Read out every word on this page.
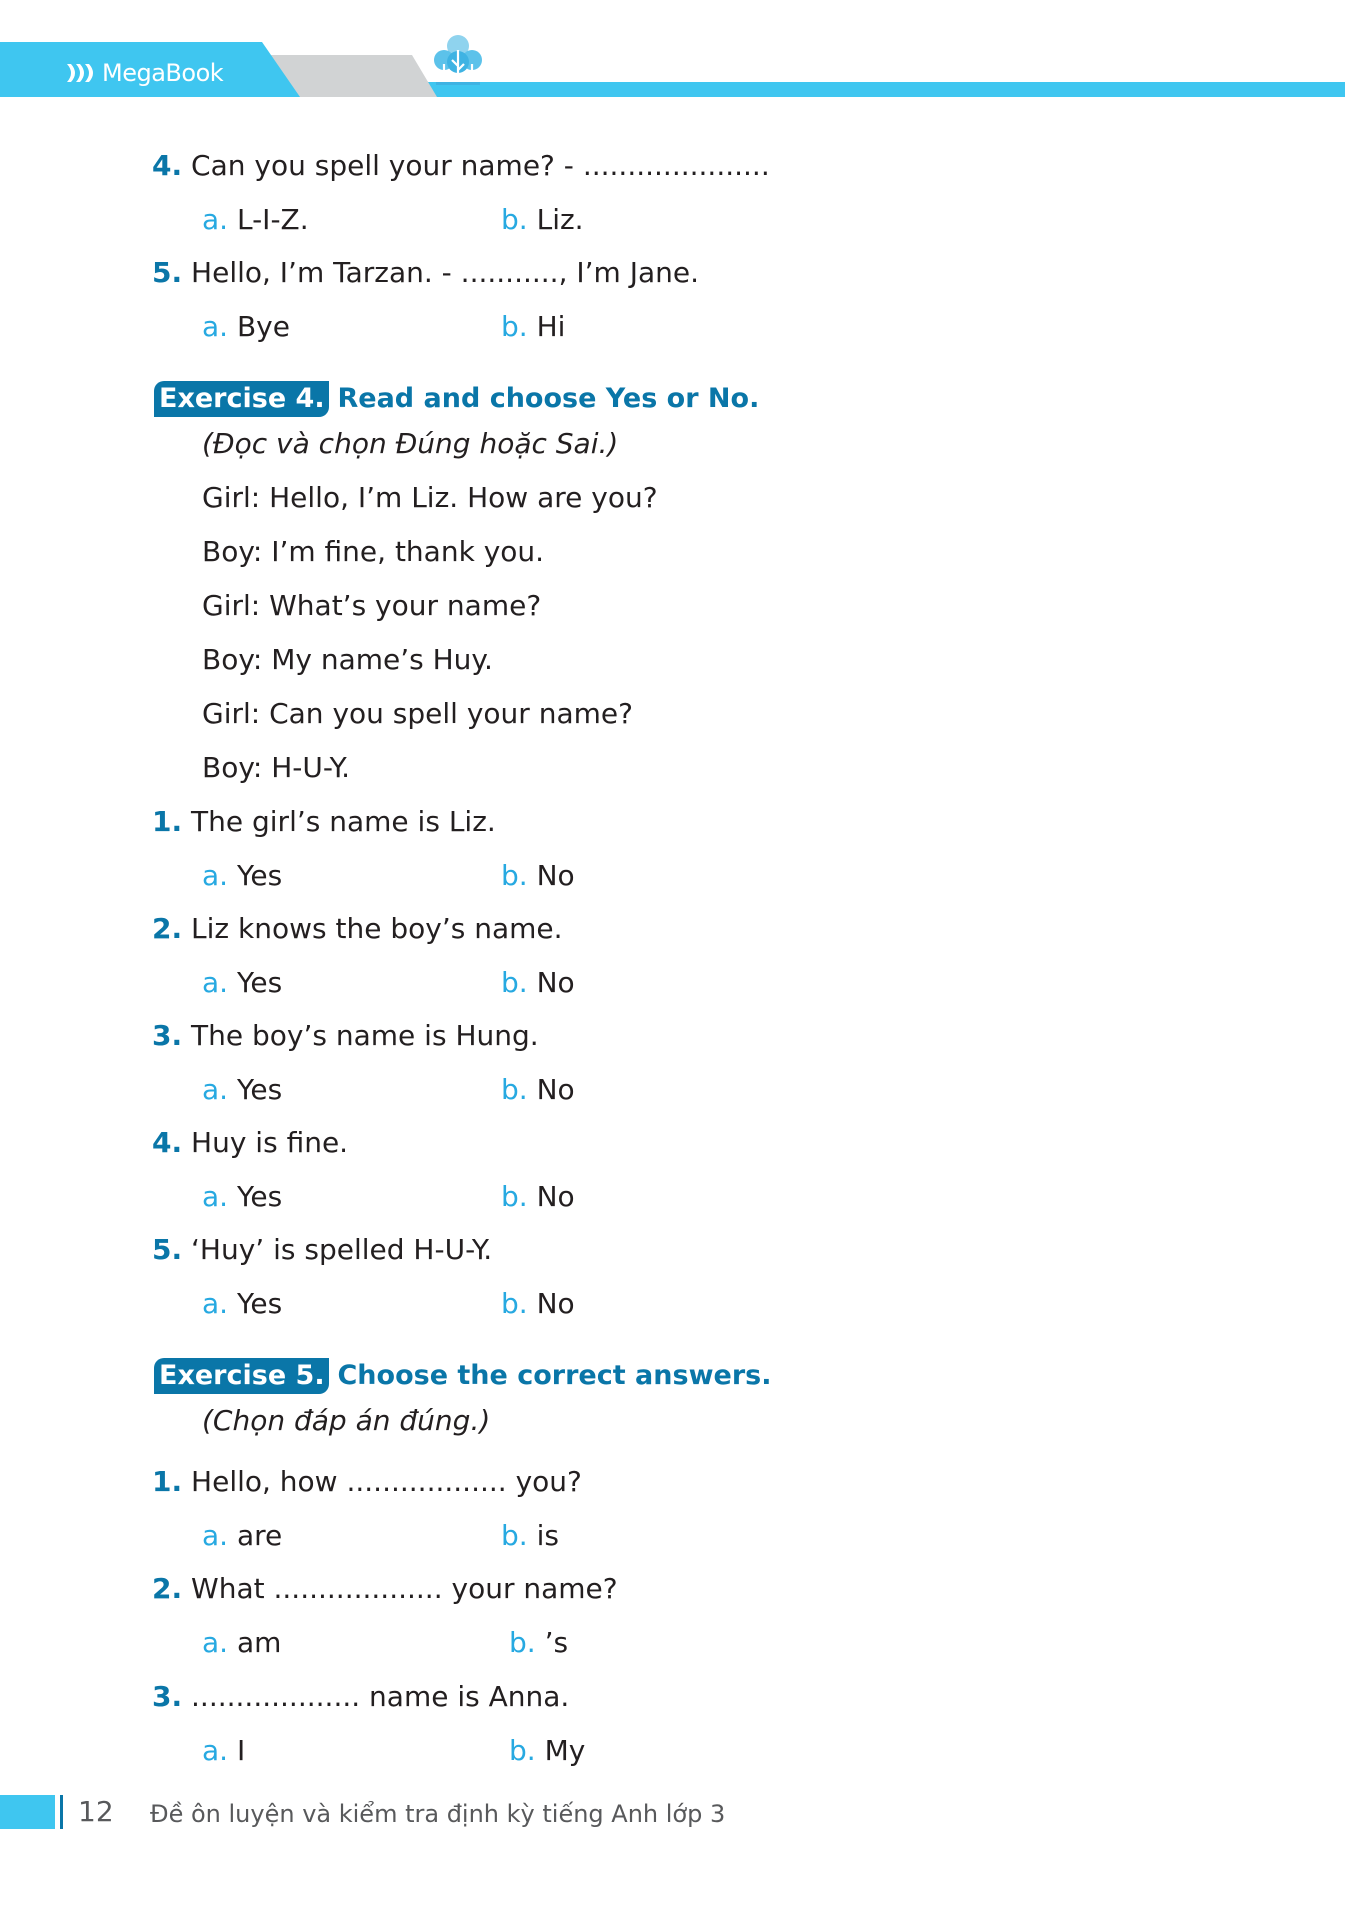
MegaBook
4. Can you spell your name? - .....................
a. L-I-Z.	b. Liz.
5. Hello, I’m Tarzan. - ..........., I’m Jane.
a. Bye	b. Hi
Exercise 4. Read and choose Yes or No.
(Đọc và chọn Đúng hoặc Sai.)
Girl: Hello, I’m Liz. How are you?
Boy: I’m fine, thank you.
Girl: What’s your name?
Boy: My name’s Huy.
Girl: Can you spell your name?
Boy: H-U-Y.
1. The girl’s name is Liz.
a. Yes	b. No
2. Liz knows the boy’s name.
a. Yes	b. No
3. The boy’s name is Hung.
a. Yes	b. No
4. Huy is fine.
a. Yes	b. No
5. ‘Huy’ is spelled H-U-Y.
a. Yes	b. No
Exercise 5. Choose the correct answers.
(Chọn đáp án đúng.)
1. Hello, how .................. you?
a. are	b. is
2. What ................... your name?
a. am	b. ’s
3. ................... name is Anna.
a. I	b. My
12 Đề ôn luyện và kiểm tra định kỳ tiếng Anh lớp 3
